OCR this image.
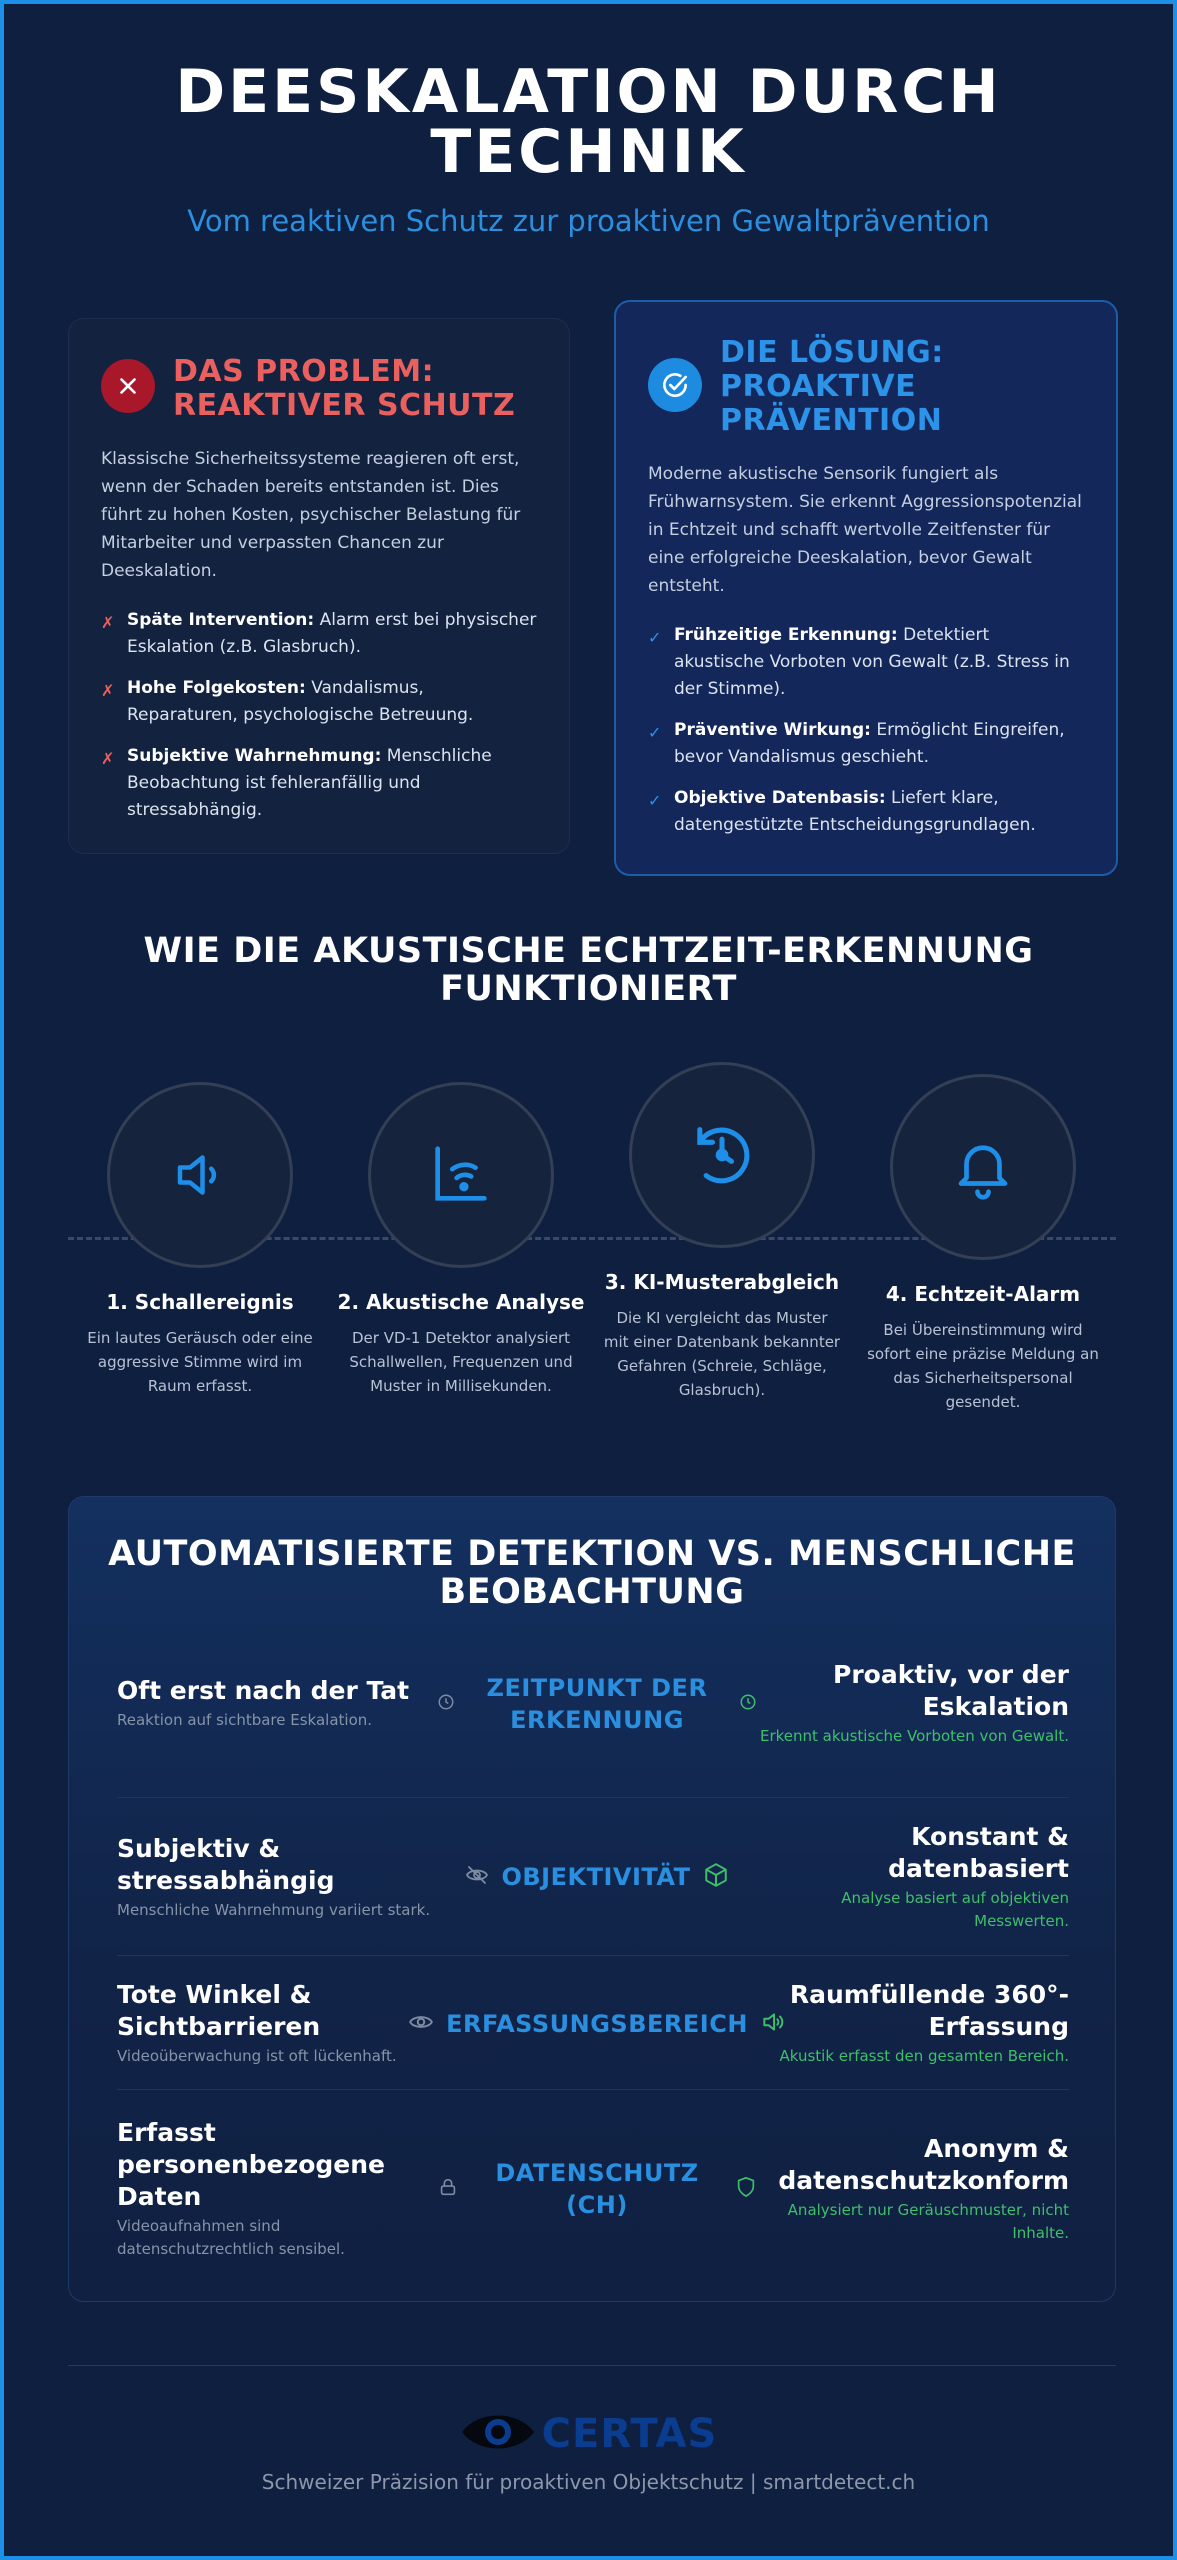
DEESKALATION DURCH TECHNIK
Vom reaktiven Schutz zur proaktiven Gewaltprävention
DAS PROBLEM:
REAKTIVER SCHUTZ

Klassische Sicherheitssysteme reagieren oft erst, wenn der Schaden bereits entstanden ist. Dies führt zu hohen Kosten, psychischer Belastung für Mitarbeiter und verpassten Chancen zur Deeskalation.

✗ Späte Intervention: Alarm erst bei physischer Eskalation (z.B. Glasbruch).
✗ Hohe Folgekosten: Vandalismus, Reparaturen, psychologische Betreuung.
✗ Subjektive Wahrnehmung: Menschliche Beobachtung ist fehleranfällig und stressabhängig.
DIE LÖSUNG:
PROAKTIVE
PRÄVENTION

Moderne akustische Sensorik fungiert als Frühwarnsystem. Sie erkennt Aggressionspotenzial in Echtzeit und schafft wertvolle Zeitfenster für eine erfolgreiche Deeskalation, bevor Gewalt entsteht.

✓ Frühzeitige Erkennung: Detektiert akustische Vorboten von Gewalt (z.B. Stress in der Stimme).
✓ Präventive Wirkung: Ermöglicht Eingreifen, bevor Vandalismus geschieht.
✓ Objektive Datenbasis: Liefert klare, datengestützte Entscheidungsgrundlagen.
WIE DIE AKUSTISCHE ECHTZEIT-ERKENNUNG FUNKTIONIERT
1. Schallereignis
Ein lautes Geräusch oder eine aggressive Stimme wird im Raum erfasst.
2. Akustische Analyse
Der VD-1 Detektor analysiert Schallwellen, Frequenzen und Muster in Millisekunden.
3. KI-Musterabgleich
Die KI vergleicht das Muster mit einer Datenbank bekannter Gefahren (Schreie, Schläge, Glasbruch).
4. Echtzeit-Alarm
Bei Übereinstimmung wird sofort eine präzise Meldung an das Sicherheitspersonal gesendet.
AUTOMATISIERTE DETEKTION VS. MENSCHLICHE BEOBACHTUNG
Oft erst nach der Tat
Reaktion auf sichtbare Eskalation.
ZEITPUNKT DER ERKENNUNG
Proaktiv, vor der Eskalation
Erkennt akustische Vorboten von Gewalt.
Subjektiv & stressabhängig
Menschliche Wahrnehmung variiert stark.
OBJEKTIVITÄT
Konstant & datenbasiert
Analyse basiert auf objektiven Messwerten.
Tote Winkel & Sichtbarrieren
Videoüberwachung ist oft lückenhaft.
ERFASSUNGSBEREICH
Raumfüllende 360°-Erfassung
Akustik erfasst den gesamten Bereich.
Erfasst personenbezogene Daten
Videoaufnahmen sind datenschutzrechtlich sensibel.
DATENSCHUTZ (CH)
Anonym & datenschutzkonform
Analysiert nur Geräuschmuster, nicht Inhalte.
CERTAS
Schweizer Präzision für proaktiven Objektschutz | smartdetect.ch
